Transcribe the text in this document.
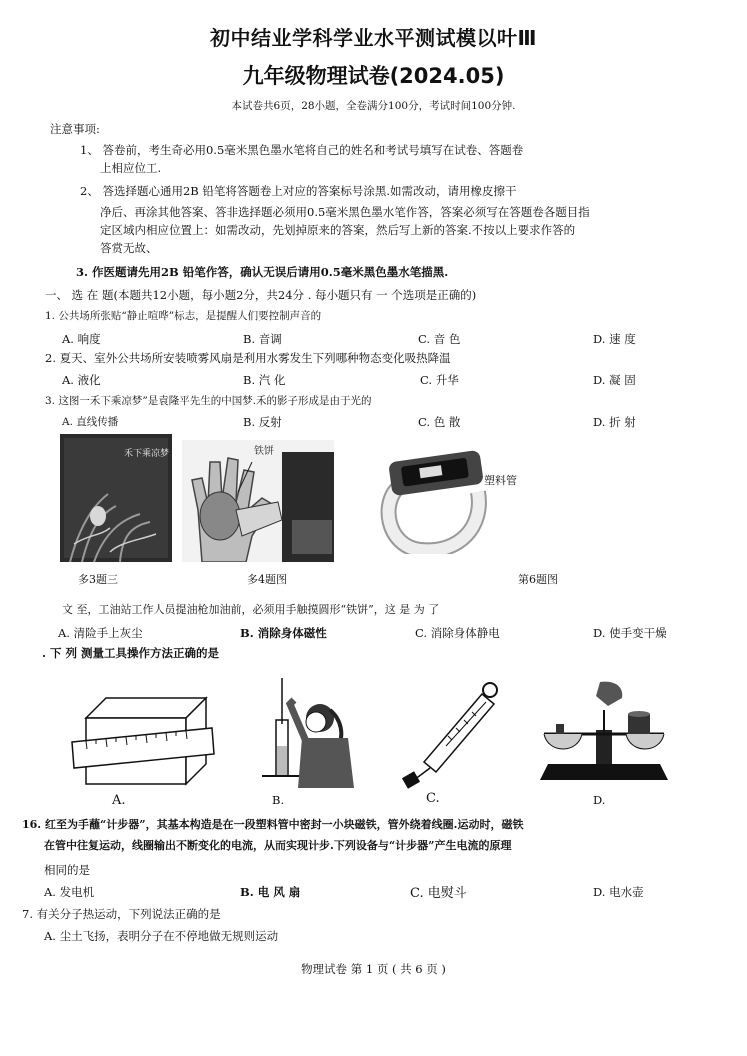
初中结业学科学业水平测试模以叶Ⅲ
九年级物理试卷(2024.05)
本试卷共6页，28小题，全卷满分100分，考试时间100分钟.
注意事项:
1、 答卷前，考生奇必用0.5毫米黑色墨水笔将自己的姓名和考试号填写在试卷、答题卷
上相应位工.
2、 答选择题心通用2B 铅笔将答题卷上对应的答案标号涂黑.如需改动，请用橡皮擦干
净后、再涂其他答案、答非选择题必须用0.5毫米黑色墨水笔作答，答案必须写在答题卷各题目指
定区域内相应位置上：如需改动，先划掉原来的答案，然后写上新的答案.不按以上要求作答的
答赏无故、
3. 作医题请先用2B 铅笔作答，确认无误后请用0.5毫米黑色墨水笔描黑.
一、 选 在 题(本题共12小题，每小题2分，共24分 . 每小题只有 一 个选项是正确的)
1. 公共场所张贴“静止喧哗”标志，是提醒人们要控制声音的
A. 响度	B. 音调	C. 音 色	D. 速 度
2. 夏天、室外公共场所安装喷雾风扇是利用水雾发生下列哪种物态变化吸热降温
A. 液化	B. 汽 化	C. 升华	D. 凝 固
3. 这图一禾下乘凉梦”是袁隆平先生的中国梦.禾的影子形成是由于光的
A. 直线传播	B. 反射	C. 色 散	D. 折 射
禾下乘凉梦	铁饼
塑料管
多3题三	多4题图	第6题图
文 至，工油站工作人员提油枪加油前，必须用手触摸圆形“铁饼”，这 是 为 了
A. 清险手上灰尘	B. 消除身体磁性	C. 消除身体静电	D. 使手变干燥
. 下 列 测量工具操作方法正确的是
A.	B.	C.	D.
16. 红至为手蘸“计步器”，其基本构造是在一段塑料管中密封一小块磁铁，管外绕着线圈.运动时，磁铁
在管中往复运动，线圈输出不断变化的电流，从而实现计步.下列设备与“计步器”产生电流的原理
相同的是
A. 发电机	B. 电 风 扇	C. 电熨斗	D. 电水壶
7. 有关分子热运动，下列说法正确的是
A. 尘土飞扬，表明分子在不停地做无规则运动
物理试卷 第 1 页 ( 共 6 页 )
